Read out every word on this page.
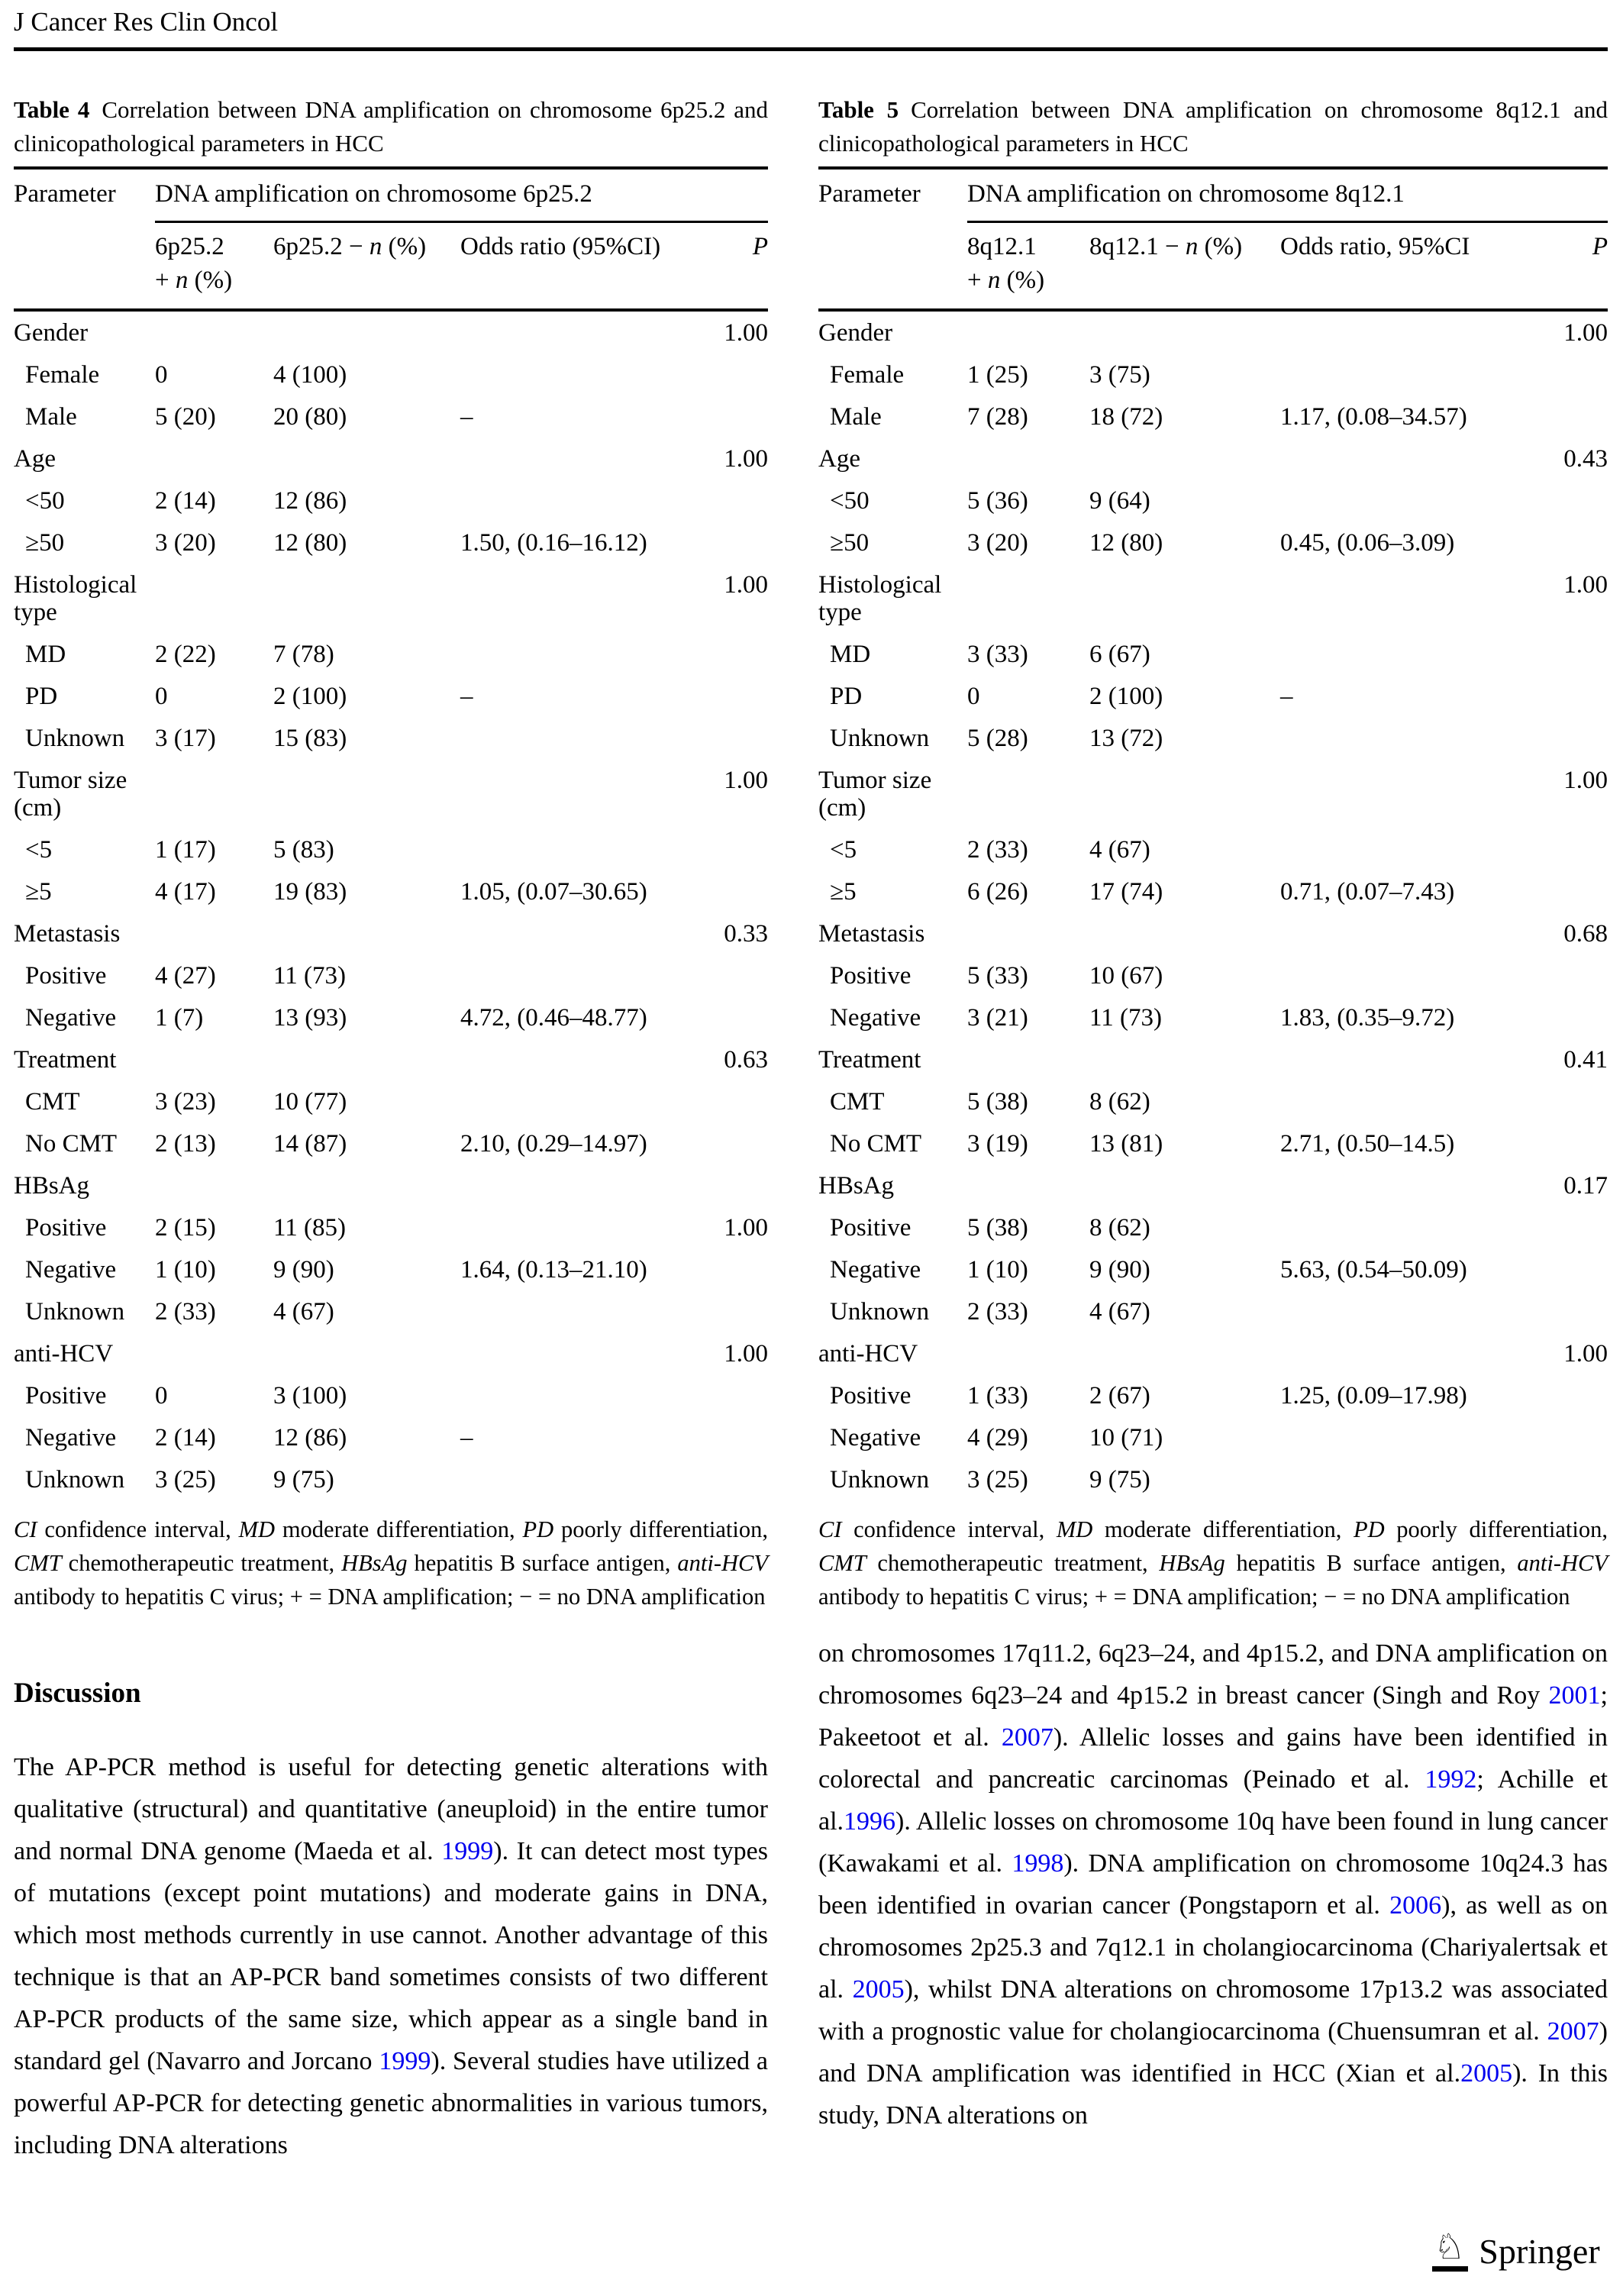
J Cancer Res Clin Oncol

Table 4 Correlation between DNA amplification on chromosome 6p25.2 and clinicopathological parameters in HCC

Parameter	DNA amplification on chromosome 6p25.2			

	6p25.2
+ n (%)	6p25.2 − n (%)	Odds ratio (95%CI)	P
Gender				1.00
Female	0	4 (100)		
Male	5 (20)	20 (80)	–	
Age				1.00
<50	2 (14)	12 (86)		
≥50	3 (20)	12 (80)	1.50, (0.16–16.12)	
Histological type				1.00
MD	2 (22)	7 (78)		
PD	0	2 (100)	–	
Unknown	3 (17)	15 (83)		
Tumor size (cm)				1.00
<5	1 (17)	5 (83)		
≥5	4 (17)	19 (83)	1.05, (0.07–30.65)	
Metastasis				0.33
Positive	4 (27)	11 (73)		
Negative	1 (7)	13 (93)	4.72, (0.46–48.77)	
Treatment				0.63
CMT	3 (23)	10 (77)		
No CMT	2 (13)	14 (87)	2.10, (0.29–14.97)	
HBsAg				
Positive	2 (15)	11 (85)		1.00
Negative	1 (10)	9 (90)	1.64, (0.13–21.10)	
Unknown	2 (33)	4 (67)		
anti-HCV				1.00
Positive	0	3 (100)		
Negative	2 (14)	12 (86)	–	
Unknown	3 (25)	9 (75)		

CI confidence interval, MD moderate differentiation, PD poorly differentiation, CMT chemotherapeutic treatment, HBsAg hepatitis B surface antigen, anti-HCV antibody to hepatitis C virus; + = DNA amplification; − = no DNA amplification

Table 5 Correlation between DNA amplification on chromosome 8q12.1 and clinicopathological parameters in HCC

Parameter	DNA amplification on chromosome 8q12.1			

	8q12.1
+ n (%)	8q12.1 − n (%)	Odds ratio, 95%CI	P
Gender				1.00
Female	1 (25)	3 (75)		
Male	7 (28)	18 (72)	1.17, (0.08–34.57)	
Age				0.43
<50	5 (36)	9 (64)		
≥50	3 (20)	12 (80)	0.45, (0.06–3.09)	
Histological type				1.00
MD	3 (33)	6 (67)		
PD	0	2 (100)	–	
Unknown	5 (28)	13 (72)		
Tumor size (cm)				1.00
<5	2 (33)	4 (67)		
≥5	6 (26)	17 (74)	0.71, (0.07–7.43)	
Metastasis				0.68
Positive	5 (33)	10 (67)		
Negative	3 (21)	11 (73)	1.83, (0.35–9.72)	
Treatment				0.41
CMT	5 (38)	8 (62)		
No CMT	3 (19)	13 (81)	2.71, (0.50–14.5)	
HBsAg				0.17
Positive	5 (38)	8 (62)		
Negative	1 (10)	9 (90)	5.63, (0.54–50.09)	
Unknown	2 (33)	4 (67)		
anti-HCV				1.00
Positive	1 (33)	2 (67)	1.25, (0.09–17.98)	
Negative	4 (29)	10 (71)		
Unknown	3 (25)	9 (75)		

CI confidence interval, MD moderate differentiation, PD poorly differentiation, CMT chemotherapeutic treatment, HBsAg hepatitis B surface antigen, anti-HCV antibody to hepatitis C virus; + = DNA amplification; − = no DNA amplification

Discussion

The AP-PCR method is useful for detecting genetic alterations with qualitative (structural) and quantitative (aneuploid) in the entire tumor and normal DNA genome (Maeda et al. 1999). It can detect most types of mutations (except point mutations) and moderate gains in DNA, which most methods currently in use cannot. Another advantage of this technique is that an AP-PCR band sometimes consists of two different AP-PCR products of the same size, which appear as a single band in standard gel (Navarro and Jorcano 1999). Several studies have utilized a powerful AP-PCR for detecting genetic abnormalities in various tumors, including DNA alterations

on chromosomes 17q11.2, 6q23–24, and 4p15.2, and DNA amplification on chromosomes 6q23–24 and 4p15.2 in breast cancer (Singh and Roy 2001; Pakeetoot et al. 2007). Allelic losses and gains have been identified in colorectal and pancreatic carcinomas (Peinado et al. 1992; Achille et al.1996). Allelic losses on chromosome 10q have been found in lung cancer (Kawakami et al. 1998). DNA amplification on chromosome 10q24.3 has been identified in ovarian cancer (Pongstaporn et al. 2006), as well as on chromosomes 2p25.3 and 7q12.1 in cholangiocarcinoma (Chariyalertsak et al. 2005), whilst DNA alterations on chromosome 17p13.2 was associated with a prognostic value for cholangiocarcinoma (Chuensumran et al. 2007) and DNA amplification was identified in HCC (Xian et al.2005). In this study, DNA alterations on

♘ Springer
